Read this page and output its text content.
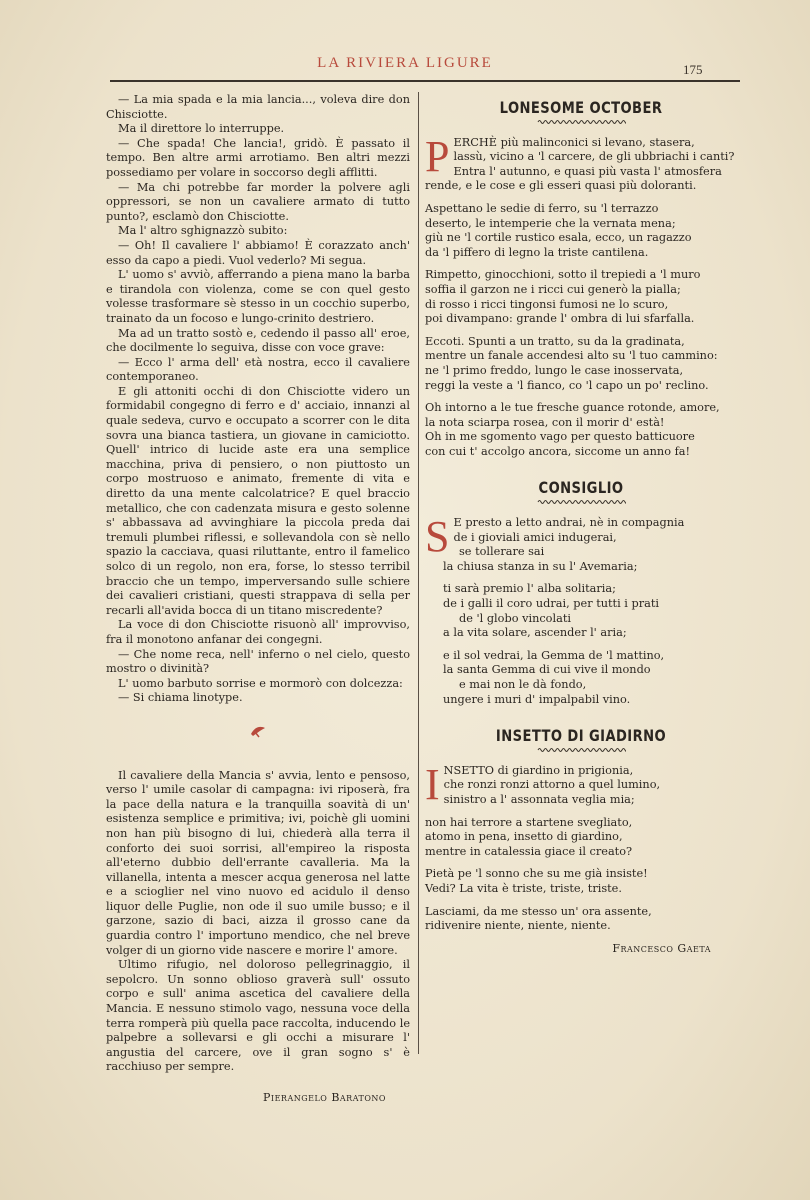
LA RIVIERA LIGURE	175

— La mia spada e la mia lancia..., voleva dire don Chisciotte.

Ma il direttore lo interruppe.

— Che spada! Che lancia!, gridò. È passato il tempo. Ben altre armi arrotiamo. Ben altri mezzi possediamo per volare in soccorso degli afflitti.

— Ma chi potrebbe far morder la polvere agli oppressori, se non un cavaliere armato di tutto punto?, esclamò don Chisciotte.

Ma l' altro sghignazzò subito:

— Oh! Il cavaliere l' abbiamo! È corazzato anch' esso da capo a piedi. Vuol vederlo? Mi segua.

L' uomo s' avviò, afferrando a piena mano la barba e tirandola con violenza, come se con quel gesto volesse trasformare sè stesso in un cocchio superbo, trainato da un focoso e lungo-crinito destriero.

Ma ad un tratto sostò e, cedendo il passo all' eroe, che docilmente lo seguiva, disse con voce grave:

— Ecco l' arma dell' età nostra, ecco il cavaliere contemporaneo.

E gli attoniti occhi di don Chisciotte videro un formidabil congegno di ferro e d' acciaio, innanzi al quale sedeva, curvo e occupato a scorrer con le dita sovra una bianca tastiera, un giovane in camiciotto. Quell' intrico di lucide aste era una semplice macchina, priva di pensiero, o non piuttosto un corpo mostruoso e animato, fremente di vita e diretto da una mente calcolatrice? E quel braccio metallico, che con cadenzata misura e gesto solenne s' abbassava ad avvinghiare la piccola preda dai tremuli plumbei riflessi, e sollevandola con sè nello spazio la cacciava, quasi riluttante, entro il famelico solco di un regolo, non era, forse, lo stesso terribil braccio che un tempo, imperversando sulle schiere dei cavalieri cristiani, questi strappava di sella per recarli all'avida bocca di un titano miscredente?

La voce di don Chisciotte risuonò all' improvviso, fra il monotono anfanar dei congegni.

— Che nome reca, nell' inferno o nel cielo, questo mostro o divinità?

L' uomo barbuto sorrise e mormorò con dolcezza:

— Si chiama linotype.

Il cavaliere della Mancia s' avvia, lento e pensoso, verso l' umile casolar di campagna: ivi riposerà, fra la pace della natura e la tranquilla soavità di un' esistenza semplice e primitiva; ivi, poichè gli uomini non han più bisogno di lui, chiederà alla terra il conforto dei suoi sorrisi, all'empireo la risposta all'eterno dubbio dell'errante cavalleria. Ma la villanella, intenta a mescer acqua generosa nel latte e a scioglier nel vino nuovo ed acidulo il denso liquor delle Puglie, non ode il suo umile busso; e il garzone, sazio di baci, aizza il grosso cane da guardia contro l' importuno mendico, che nel breve volger di un giorno vide nascere e morire l' amore.

Ultimo rifugio, nel doloroso pellegrinaggio, il sepolcro. Un sonno oblioso graverà sull' ossuto corpo e sull' anima ascetica del cavaliere della Mancia. E nessuno stimolo vago, nessuna voce della terra romperà più quella pace raccolta, inducendo le palpebre a sollevarsi e gli occhi a misurare l' angustia del carcere, ove il gran sogno s' è racchiuso per sempre.

Pierangelo Baratono
LONESOME OCTOBER
P ERCHÈ più malinconici si levano, stasera,
lassù, vicino a 'l carcere, de gli ubbriachi i canti?
Entra l' autunno, e quasi più vasta l' atmosfera
rende, e le cose e gli esseri quasi più doloranti.
Aspettano le sedie di ferro, su 'l terrazzo
deserto, le intemperie che la vernata mena;
giù ne 'l cortile rustico esala, ecco, un ragazzo
da 'l piffero di legno la triste cantilena.
Rimpetto, ginocchioni, sotto il trepiedi a 'l muro
soffia il garzon ne i ricci cui generò la pialla;
di rosso i ricci tingonsi fumosi ne lo scuro,
poi divampano: grande l' ombra di lui sfarfalla.
Eccoti. Spunti a un tratto, su da la gradinata,
mentre un fanale accendesi alto su 'l tuo cammino:
ne 'l primo freddo, lungo le case inosservata,
reggi la veste a 'l fianco, co 'l capo un po' reclino.
Oh intorno a le tue fresche guance rotonde, amore,
la nota sciarpa rosea, con il morir d' està!
Oh in me sgomento vago per questo batticuore
con cui t' accolgo ancora, siccome un anno fa!
CONSIGLIO
S E presto a letto andrai, nè in compagnia
de i gioviali amici indugerai,
se tollerare sai
la chiusa stanza in su l' Avemaria;
ti sarà premio l' alba solitaria;
de i galli il coro udrai, per tutti i prati
de 'l globo vincolati
a la vita solare, ascender l' aria;
e il sol vedrai, la Gemma de 'l mattino,
la santa Gemma di cui vive il mondo
e mai non le dà fondo,
ungere i muri d' impalpabil vino.
INSETTO DI GIADIRNO
I NSETTO di giardino in prigionia,
che ronzi ronzi attorno a quel lumino,
sinistro a l' assonnata veglia mia;
non hai terrore a startene svegliato,
atomo in pena, insetto di giardino,
mentre in catalessia giace il creato?
Pietà pe 'l sonno che su me già insiste!
Vedi? La vita è triste, triste, triste.
Lasciami, da me stesso un' ora assente,
ridivenire niente, niente, niente.
Francesco Gaeta
